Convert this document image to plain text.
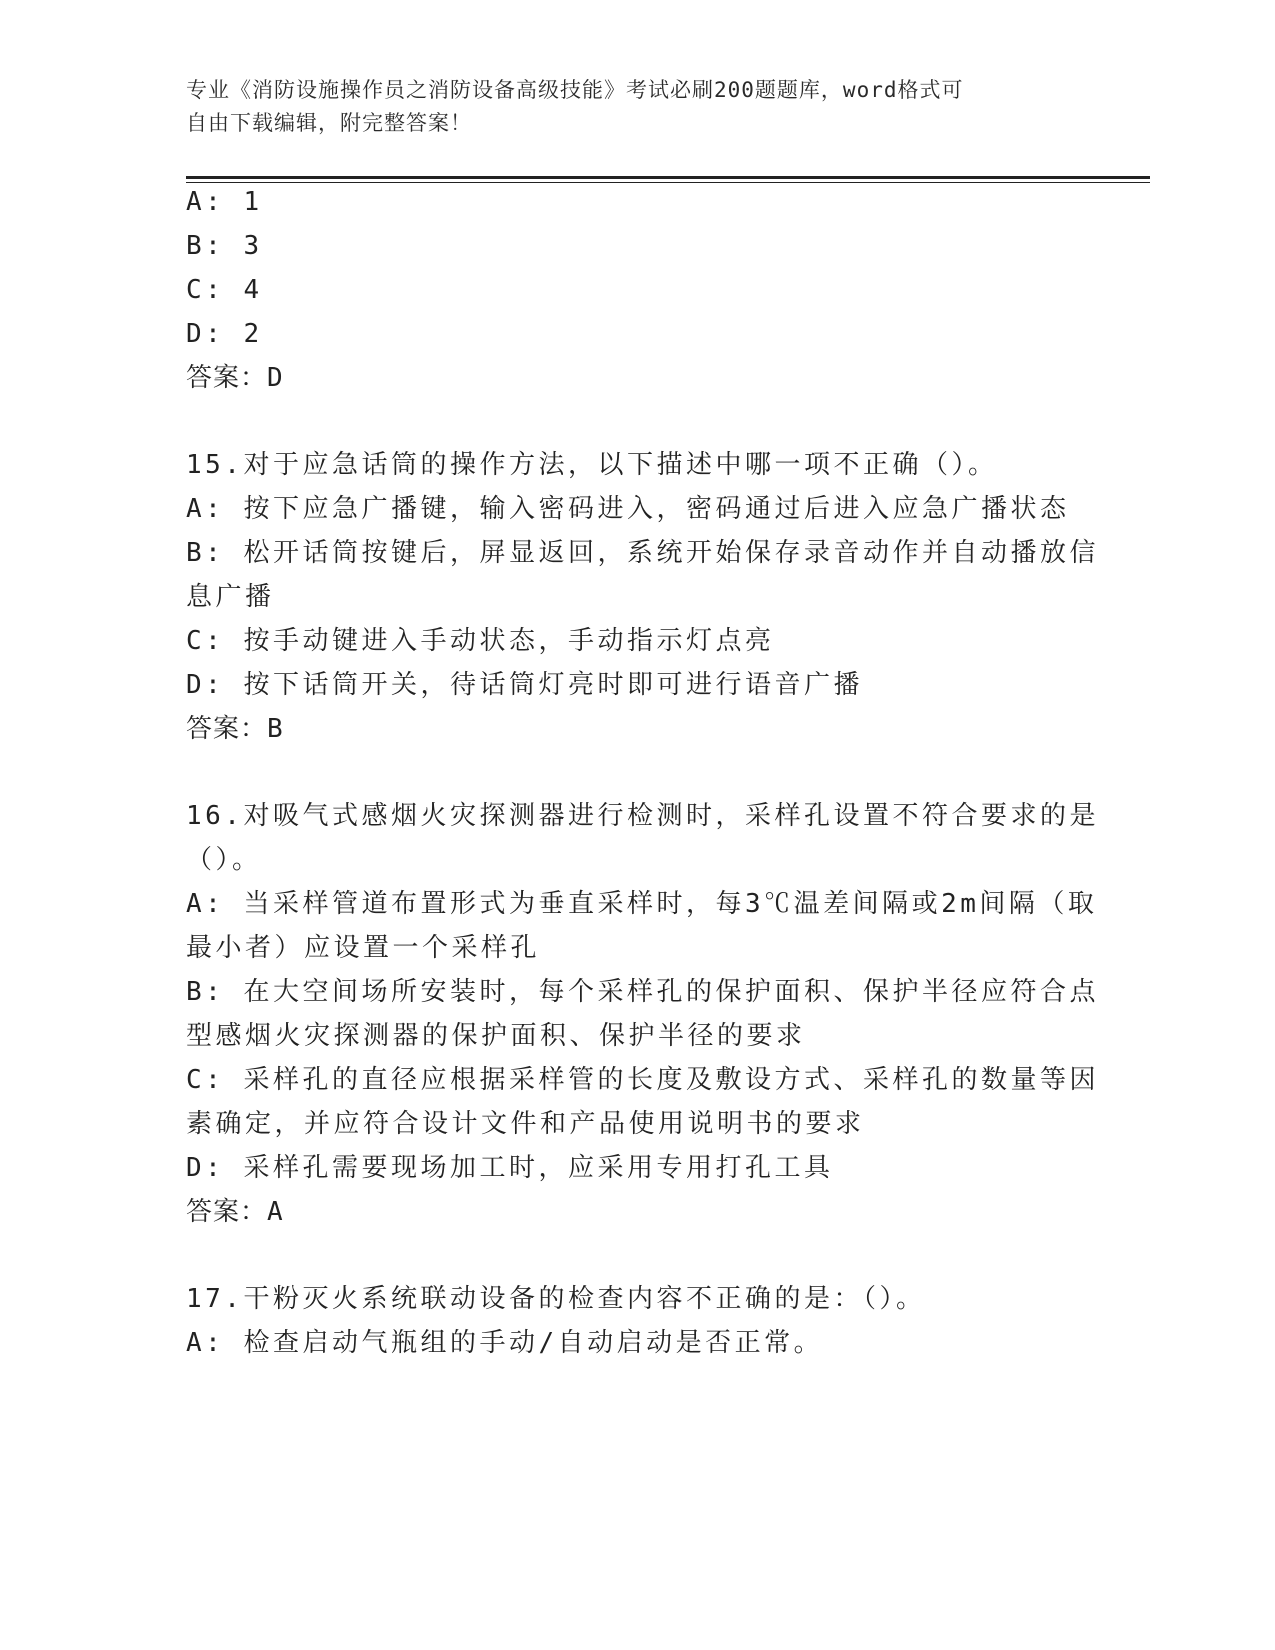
专业《消防设施操作员之消防设备高级技能》考试必刷200题题库，word格式可
自由下载编辑，附完整答案！
A: 1
B: 3
C: 4
D: 2
答案：D
15.对于应急话筒的操作方法，以下描述中哪一项不正确（）。
A: 按下应急广播键，输入密码进入，密码通过后进入应急广播状态
B: 松开话筒按键后，屏显返回，系统开始保存录音动作并自动播放信
息广播
C: 按手动键进入手动状态，手动指示灯点亮
D: 按下话筒开关，待话筒灯亮时即可进行语音广播
答案：B
16.对吸气式感烟火灾探测器进行检测时，采样孔设置不符合要求的是
（）。
A: 当采样管道布置形式为垂直采样时，每3℃温差间隔或2m间隔（取
最小者）应设置一个采样孔
B: 在大空间场所安装时，每个采样孔的保护面积、保护半径应符合点
型感烟火灾探测器的保护面积、保护半径的要求
C: 采样孔的直径应根据采样管的长度及敷设方式、采样孔的数量等因
素确定，并应符合设计文件和产品使用说明书的要求
D: 采样孔需要现场加工时，应采用专用打孔工具
答案：A
17.干粉灭火系统联动设备的检查内容不正确的是：（）。
A: 检查启动气瓶组的手动/自动启动是否正常。
